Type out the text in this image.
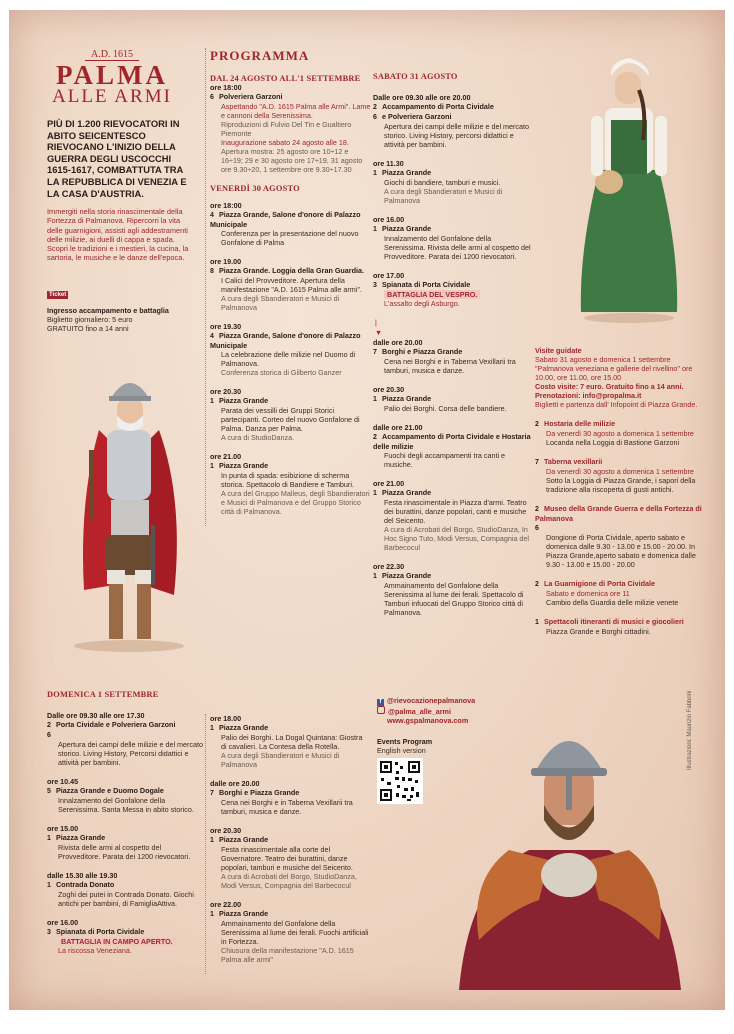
A.D. 1615
PALMA
ALLE ARMI
PIÙ DI 1.200 RIEVOCATORI IN ABITO SEICENTESCO RIEVOCANO L'INIZIO DELLA GUERRA DEGLI USCOCCHI 1615-1617, COMBATTUTA TRA LA REPUBBLICA DI VENEZIA E LA CASA D'AUSTRIA.
Immergiti nella storia rinascimentale della Fortezza di Palmanova. Ripercorri la vita delle guarnigioni, assisti agli addestramenti delle milizie, ai duelli di cappa e spada. Scopri le tradizioni e i mestieri, la cucina, la sartoria, le musiche e le danze dell'epoca.
Ticket
Ingresso accampamento e battaglia
Biglietto giornaliero: 5 euro
GRATUITO fino a 14 anni
PROGRAMMA
DAL 24 AGOSTO ALL'1 SETTEMBRE
ore 18:00
6 Polveriera Garzoni
Aspettando "A.D. 1615 Palma alle Armi". Lame e cannoni della Serenissima.
Riproduzioni di Fulvio Del Tin e Gualtiero Piemonte
Inaugurazione sabato 24 agosto alle 18.
Apertura mostra: 25 agosto ore 10÷12 e 16÷19; 29 e 30 agosto ore 17÷19, 31 agosto ore 9.30÷20, 1 settembre ore 9.30÷17.30
VENERDÌ 30 AGOSTO
ore 18:00
4 Piazza Grande, Salone d'onore di Palazzo Municipale
Conferenza per la presentazione del nuovo Gonfalone di Palma
ore 19.00
8 Piazza Grande. Loggia della Gran Guardia.
I Calici del Provveditore. Apertura della manifestazione "A.D. 1615 Palma alle armi".
A cura degli Sbandieratori e Musici di Palmanova
ore 19.30
4 Piazza Grande, Salone d'onore di Palazzo Municipale
La celebrazione delle milizie nel Duomo di Palmanova.
Conferenza storica di Gilberto Ganzer
ore 20.30
1 Piazza Grande
Parata dei vessilli dei Gruppi Storici partecipanti. Corteo del nuovo Gonfalone di Palma. Danza per Palma.
A cura di StudioDanza.
ore 21.00
1 Piazza Grande
In punta di spada: esibizione di scherma storica. Spettacolo di Bandiere e Tamburi.
A cura del Gruppo Malleus, degli Sbandieratori e Musici di Palmanova e del Gruppo Storico città di Palmanova.
SABATO 31 AGOSTO
Dalle ore 09.30 alle ore 20.00
2 Accampamento di Porta Cividale
6 e Polveriera Garzoni
Apertura dei campi delle milizie e del mercato storico. Living History, percorsi didattici e attività per bambini.
ore 11.30
1 Piazza Grande
Giochi di bandiere, tamburi e musici.
A cura degli Sbandieratori e Musici di Palmanova
ore 16.00
1 Piazza Grande
Innalzamento del Gonfalone della Serenissima. Rivista delle armi al cospetto del Provveditore. Parata dei 1200 rievocatori.
ore 17.00
3 Spianata di Porta Cividale
BATTAGLIA DEL VESPRO.
L'assalto degli Asburgo.
|
▼
dalle ore 20.00
7 Borghi e Piazza Grande
Cena nei Borghi e in Taberna Vexillarii tra tamburi, musica e danze.
ore 20.30
1 Piazza Grande
Palio dei Borghi. Corsa delle bandiere.
dalle ore 21.00
2 Accampamento di Porta Cividale e Hostaria delle milizie
Fuochi degli accampamenti tra canti e musiche.
ore 21.00
1 Piazza Grande
Festa rinascimentale in Piazza d'armi. Teatro dei burattini, danze popolari, canti e musiche del Seicento.
A cura di Acrobati del Borgo, StudioDanza, In Hoc Signo Tuto, Modi Versus, Compagnia del Barbecocul
ore 22.30
1 Piazza Grande
Ammainamento del Gonfalone della Serenissima al lume dei ferali. Spettacolo di Tamburi infuocati del Gruppo Storico città di Palmanova.
Visite guidate
Sabato 31 agosto e domenica 1 settembre "Palmanova veneziana e gallerie del rivellino" ore 10.00, ore 11.00, ore 15.00
Costo visite: 7 euro. Gratuito fino a 14 anni.
Prenotazioni: info@propalma.it
Biglietti e partenza dall' Infopoint di Piazza Grande.
2 Hostaria delle milizie
Da venerdì 30 agosto a domenica 1 settembre
Locanda nella Loggia di Bastione Garzoni
7 Taberna vexillarii
Da venerdì 30 agosto a domenica 1 settembre
Sotto la Loggia di Piazza Grande, i sapori della tradizione alla riscoperta di gusti antichi.
2 Museo della Grande Guerra e della Fortezza di Palmanova
6
Dongione di Porta Cividale, aperto sabato e domenica dalle 9.30 - 13.00 e 15.00 - 20.00. In Piazza Grande,aperto sabato e domenica dalle 9.30 - 13.00 e 15.00 - 20.00
2 La Guarnigione di Porta Cividale
Sabato e domenica ore 11
Cambio della Guardia delle milizie venete
1 Spettacoli itineranti di musici e giocolieri
Piazza Grande e Borghi cittadini.
DOMENICA 1 SETTEMBRE
Dalle ore 09.30 alle ore 17.30
2 Porta Cividale e Polveriera Garzoni
6
Apertura dei campi delle milizie e del mercato storico. Living History, Percorsi didattici e attività per bambini.
ore 10.45
5 Piazza Grande e Duomo Dogale
Innalzamento del Gonfalone della Serenissima. Santa Messa in abito storico.
ore 15.00
1 Piazza Grande
Rivista delle armi al cospetto del Provveditore. Parata dei 1200 rievocatori.
dalle 15.30 alle 19.30
1 Contrada Donato
Zoghi dei putei in Contrada Donato. Giochi antichi per bambini, di FamigliaAttiva.
ore 16.00
3 Spianata di Porta Cividale
BATTAGLIA IN CAMPO APERTO.
La riscossa Veneziana.
ore 18.00
1 Piazza Grande
Palio dei Borghi. La Dogal Quintana: Giostra di cavalieri. La Contesa della Rotella.
A cura degli Sbandieratori e Musici di Palmanova
dalle ore 20.00
7 Borghi e Piazza Grande
Cena nei Borghi e in Taberna Vexillarii tra tamburi, musica e danze.
ore 20.30
1 Piazza Grande
Festa rinascimentale alla corte del Governatore. Teatro dei burattini, danze popolari, tamburi e musiche del Seicento.
A cura di Acrobati del Borgo, StudioDanza, Modi Versus, Compagnia del Barbecocul
ore 22.00
1 Piazza Grande
Ammainamento del Gonfalone della Serenissima al lume dei ferali. Fuochi artificiali in Fortezza.
Chiusura della manifestazione "A.D. 1615 Palma alle armi"
f @rievocazionepalmanova
@palma_alle_armi
www.gspalmanova.com
Events Program
English version	Illustrazioni: Maurizio Fabbrini
